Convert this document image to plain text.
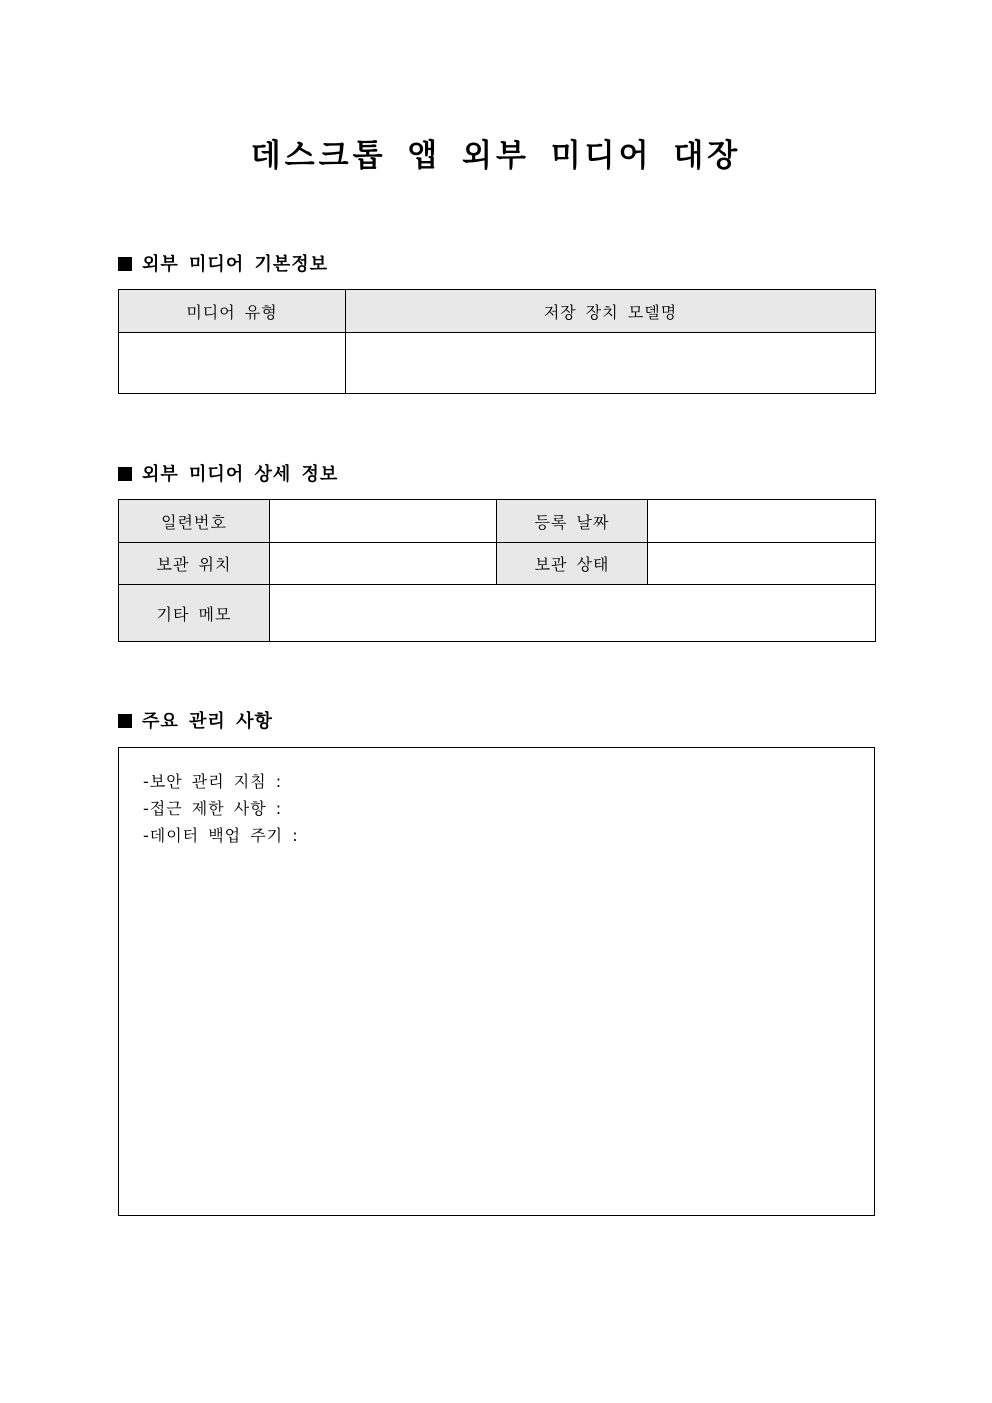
데스크톱 앱 외부 미디어 대장
외부 미디어 기본정보
미디어 유형	저장 장치 모델명

외부 미디어 상세 정보
일련번호		등록 날짜	
보관 위치		보관 상태	
기타 메모			
주요 관리 사항
-보안 관리 지침 :
-접근 제한 사항 :
-데이터 백업 주기 :
